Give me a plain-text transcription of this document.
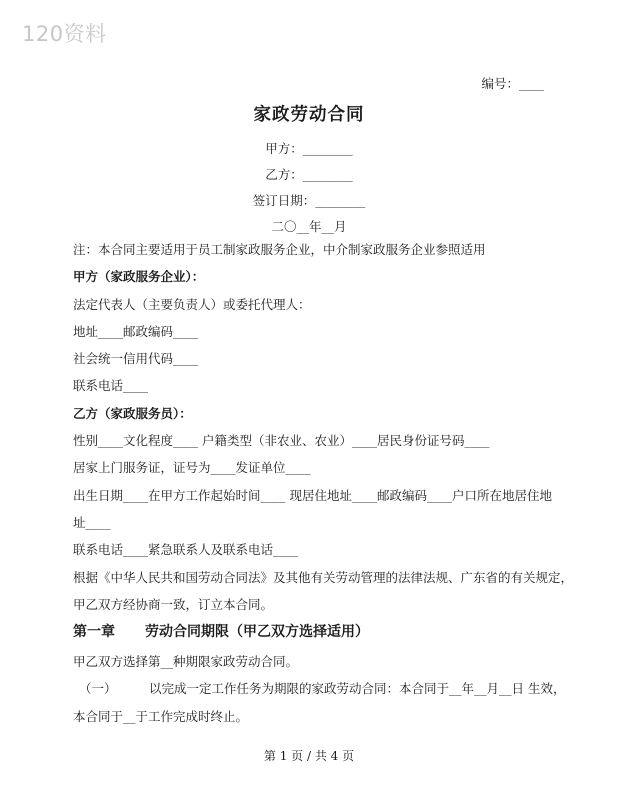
120资料
编号：____
家政劳动合同
甲方：________
乙方：________
签订日期：________
二〇__年__月
注：本合同主要适用于员工制家政服务企业，中介制家政服务企业参照适用
甲方（家政服务企业）：
法定代表人（主要负责人）或委托代理人：
地址____邮政编码____
社会统一信用代码____
联系电话____
乙方（家政服务员）：
性别____文化程度____ 户籍类型（非农业、农业）____居民身份证号码____
居家上门服务证，证号为____发证单位____
出生日期____在甲方工作起始时间____ 现居住地址____邮政编码____户口所在地居住地
址____
联系电话____紧急联系人及联系电话____
根据《中华人民共和国劳动合同法》及其他有关劳动管理的法律法规、广东省的有关规定，
甲乙双方经协商一致，订立本合同。
第一章 劳动合同期限（甲乙双方选择适用）
甲乙双方选择第__种期限家政劳动合同。
（一）	以完成一定工作任务为期限的家政劳动合同：本合同于__年__月__日 生效，
本合同于__于工作完成时终止。
第 1 页 / 共 4 页
